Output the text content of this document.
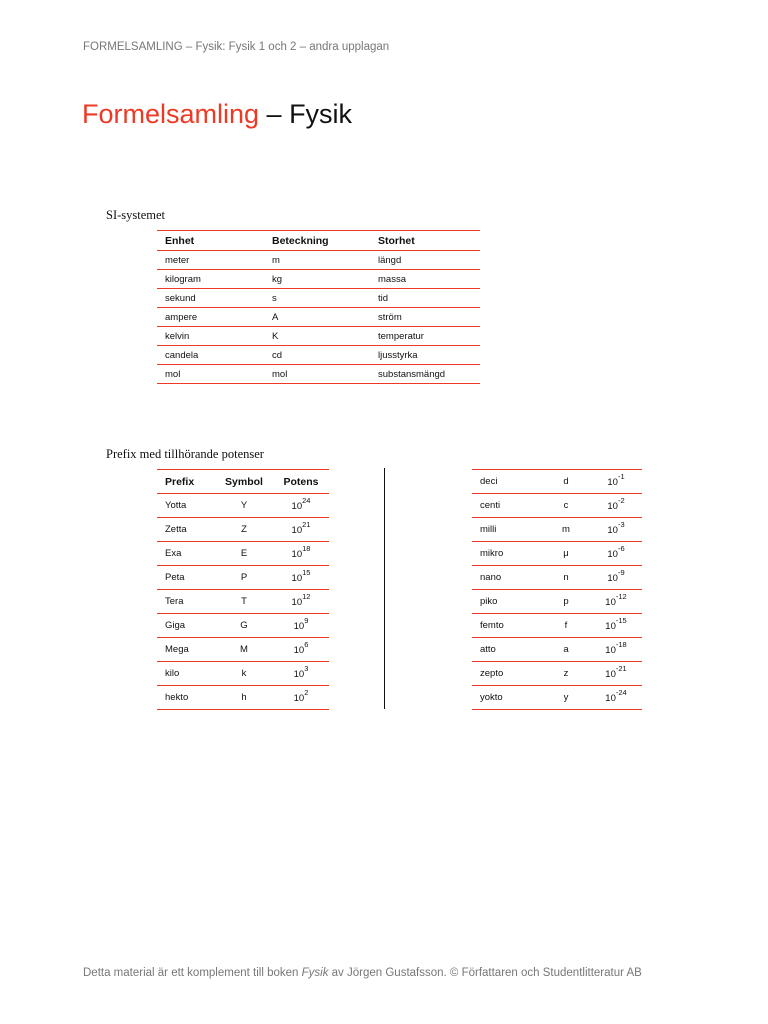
FORMELSAMLING – Fysik: Fysik 1 och 2 – andra upplagan
Formelsamling – Fysik
SI-systemet
Enhet	Beteckning	Storhet
meter	m	längd
kilogram	kg	massa
sekund	s	tid
ampere	A	ström
kelvin	K	temperatur
candela	cd	ljusstyrka
mol	mol	substansmängd
Prefix med tillhörande potenser
Prefix	Symbol	Potens
Yotta	Y	$10^{24}$
Zetta	Z	$10^{21}$
Exa	E	$10^{18}$
Peta	P	$10^{15}$
Tera	T	$10^{12}$
Giga	G	$10^9$
Mega	M	$10^6$
kilo	k	$10^3$
hekto	h	$10^2$
deci	d	$10^{-1}$
centi	c	$10^{-2}$
milli	m	$10^{-3}$
mikro	μ	$10^{-6}$
nano	n	$10^{-9}$
piko	p	$10^{-12}$
femto	f	$10^{-15}$
atto	a	$10^{-18}$
zepto	z	$10^{-21}$
yokto	y	$10^{-24}$
Detta material är ett komplement till boken Fysik av Jörgen Gustafsson. © Författaren och Studentlitteratur AB
